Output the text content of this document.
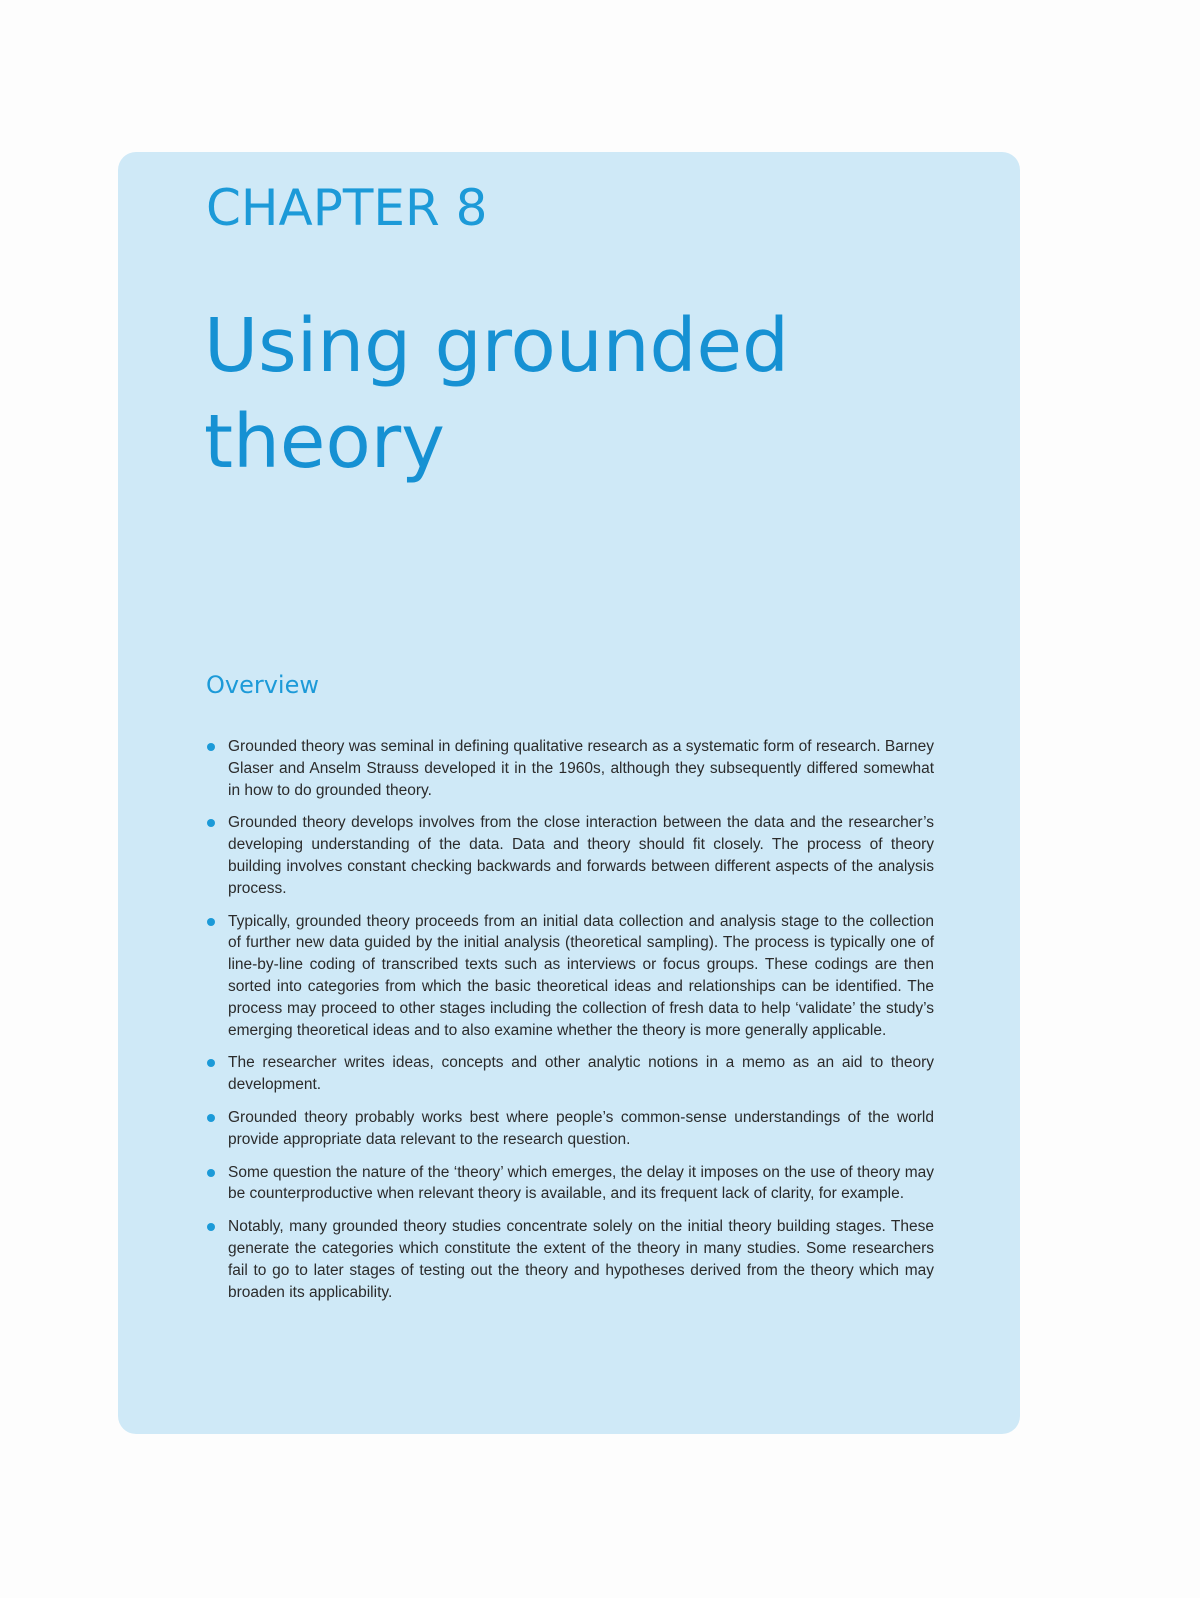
CHAPTER 8
Using grounded theory
Overview
Grounded theory was seminal in defining qualitative research as a systematic form of research. Barney Glaser and Anselm Strauss developed it in the 1960s, although they subsequently differed somewhat in how to do grounded theory.
Grounded theory develops involves from the close interaction between the data and the researcher’s developing understanding of the data. Data and theory should fit closely. The process of theory building involves constant checking backwards and forwards between different aspects of the analysis process.
Typically, grounded theory proceeds from an initial data collection and analysis stage to the collection of further new data guided by the initial analysis (theoretical sampling). The process is typically one of line-by-line coding of transcribed texts such as interviews or focus groups. These codings are then sorted into categories from which the basic theoretical ideas and relationships can be identified. The process may proceed to other stages including the collection of fresh data to help ‘validate’ the study’s emerging theoretical ideas and to also examine whether the theory is more generally applicable.
The researcher writes ideas, concepts and other analytic notions in a memo as an aid to theory development.
Grounded theory probably works best where people’s common-sense understandings of the world provide appropriate data relevant to the research question.
Some question the nature of the ‘theory’ which emerges, the delay it imposes on the use of theory may be counterproductive when relevant theory is available, and its frequent lack of clarity, for example.
Notably, many grounded theory studies concentrate solely on the initial theory building stages. These generate the categories which constitute the extent of the theory in many studies. Some researchers fail to go to later stages of testing out the theory and hypotheses derived from the theory which may broaden its applicability.
